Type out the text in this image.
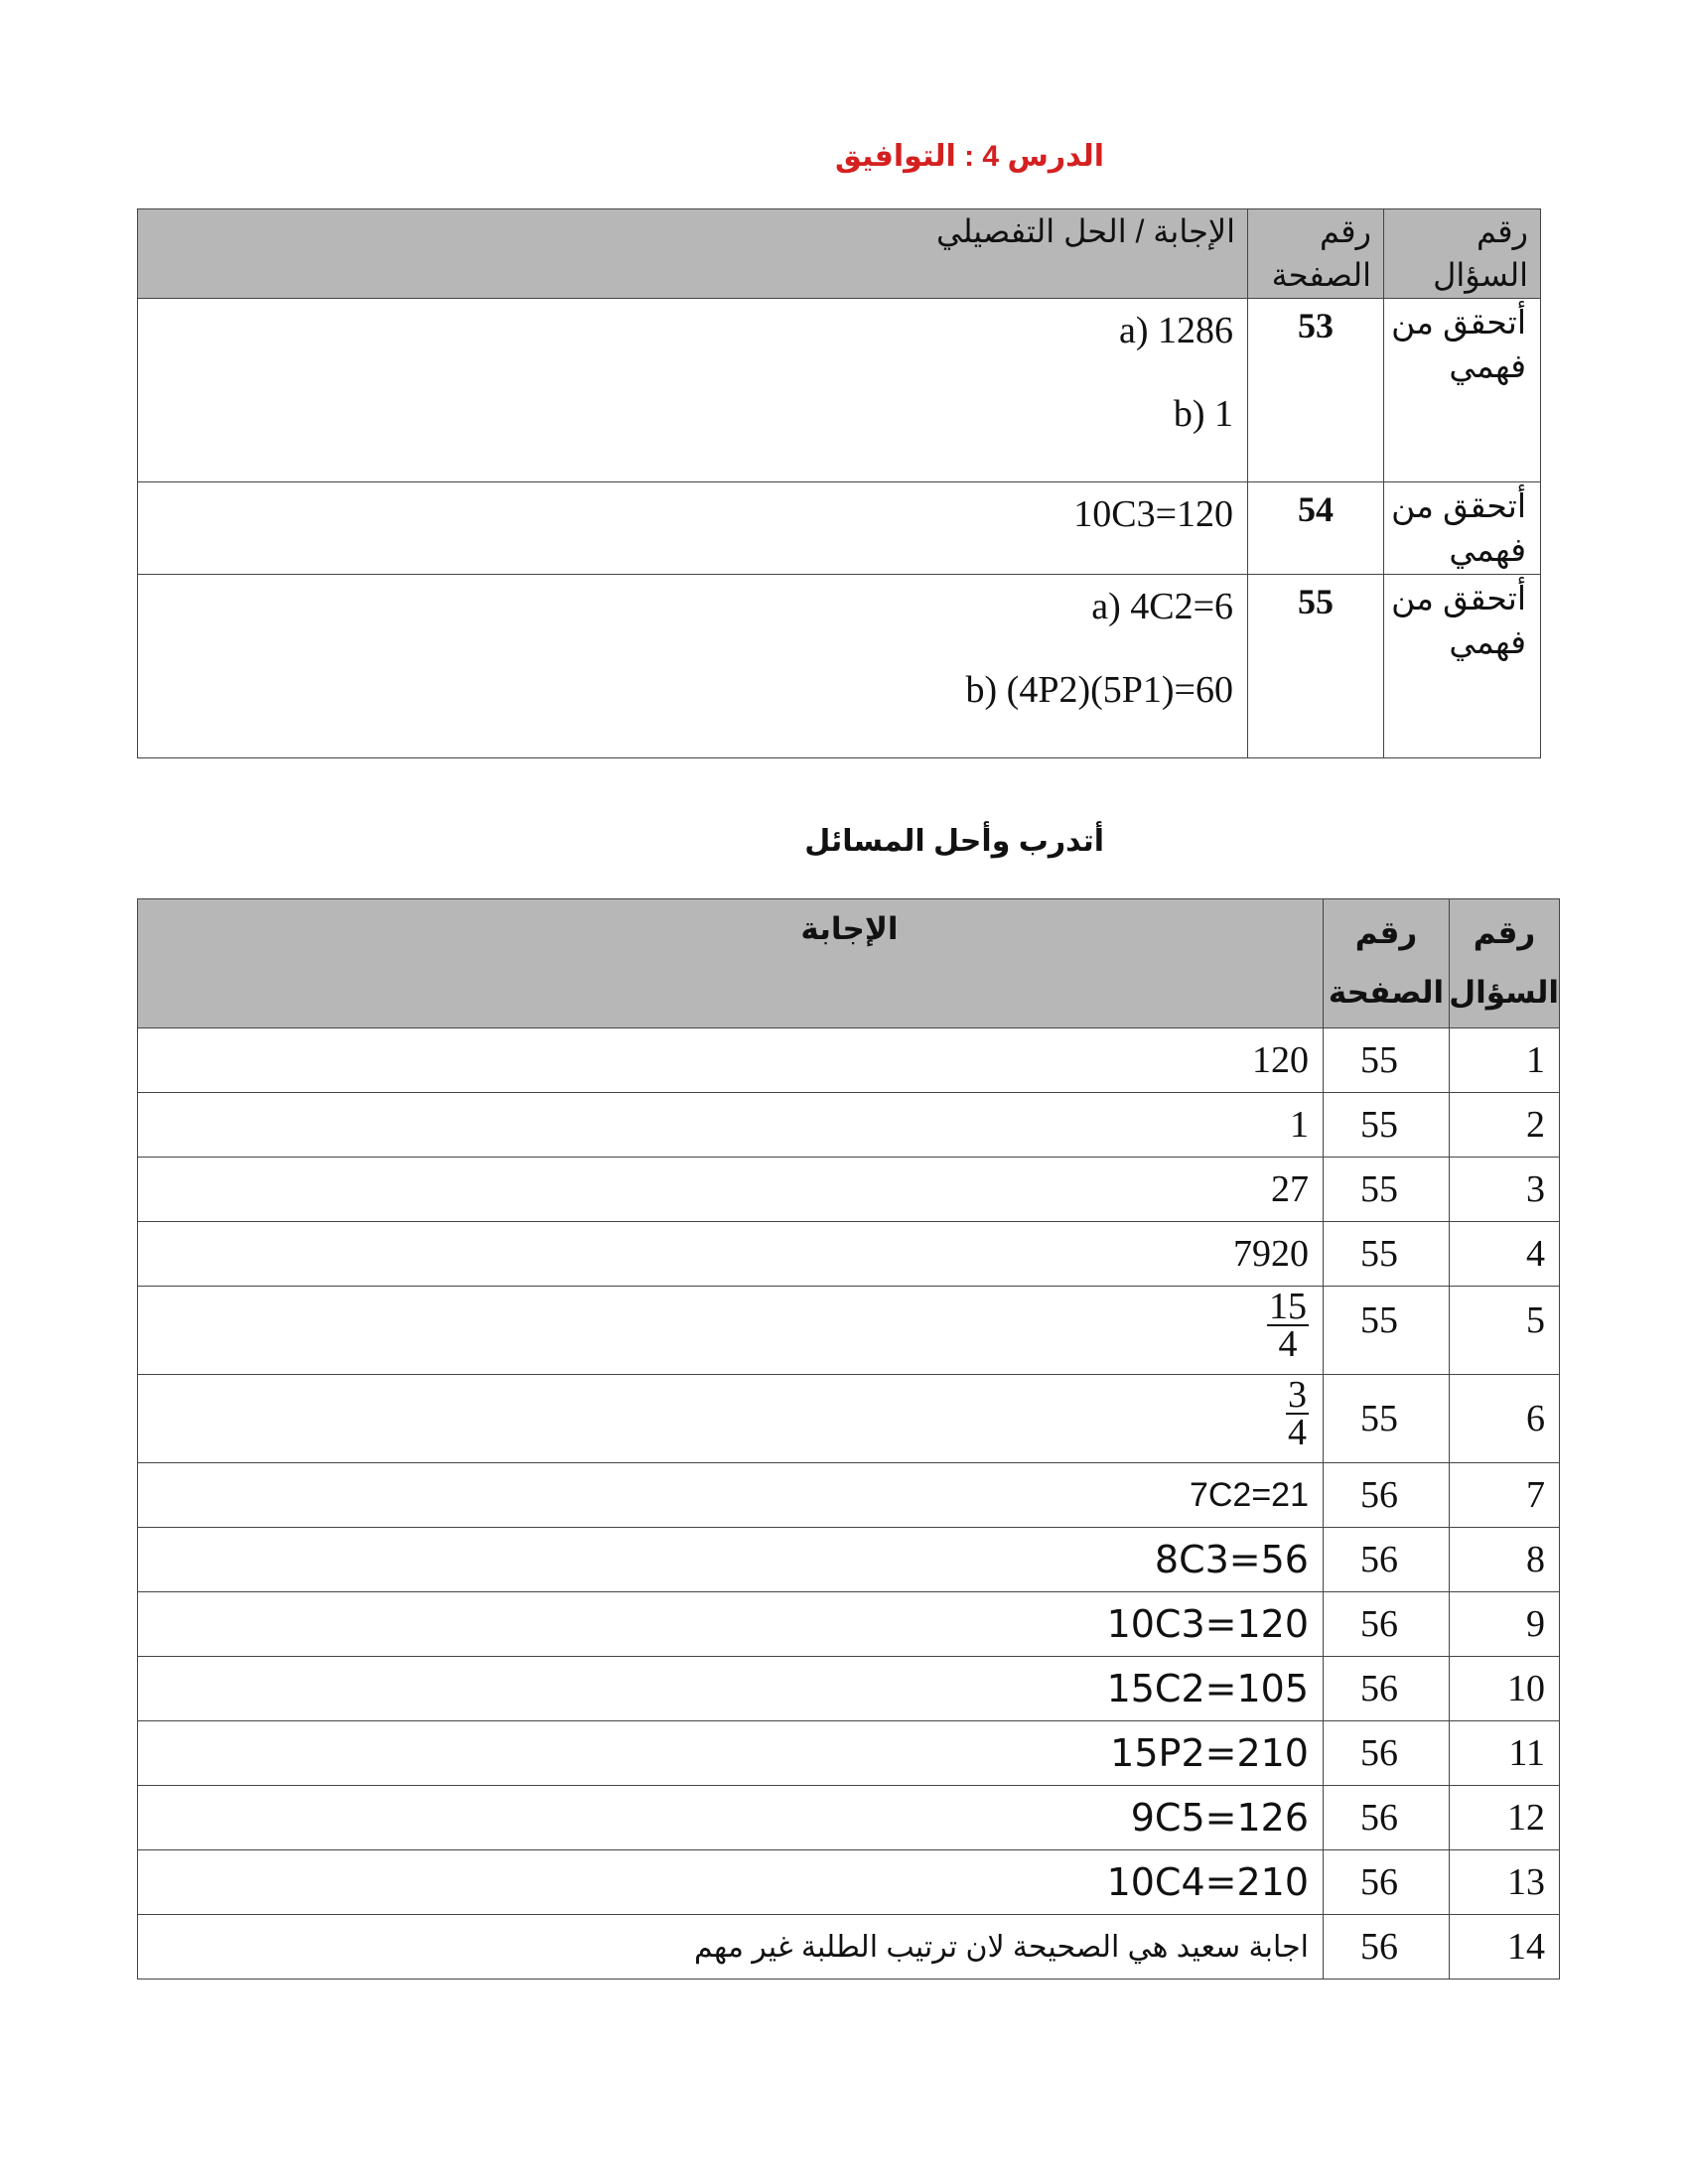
الدرس 4 : التوافيق
الإجابة / الحل التفصيلي	رقم الصفحة	رقم السؤال

a) 1286
b) 1	53	أتحقق من فهمي

10C3=120	54	أتحقق من فهمي

a) 4C2=6
b) (4P2)(5P1)=60	55	أتحقق من فهمي
أتدرب وأحل المسائل
الإجابة	رقم الصفحة	رقم السؤال
120	55	1
1	55	2
27	55	3
7920	55	4

$\frac{15}{4}$	55	5

$\frac{3}{4}$	55	6
7C2=21	56	7
8C3=56	56	8
10C3=120	56	9
15C2=105	56	10
15P2=210	56	11
9C5=126	56	12
10C4=210	56	13
اجابة سعيد هي الصحيحة لان ترتيب الطلبة غير مهم	56	14
